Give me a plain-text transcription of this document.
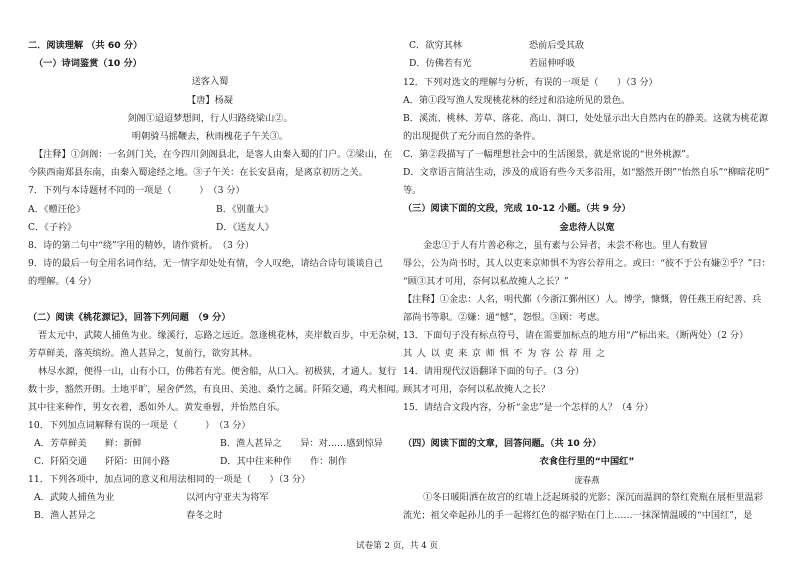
二．阅读理解 （共 60 分）
（一）诗词鉴赏（10 分）
送客入蜀
【唐】杨凝
剑阁①迢迢梦想间，行人归路绕梁山②。
明朝骑马摇鞭去，秋雨槐花子午关③。
【注释】①剑阁：一名剑门关，在今四川剑阁县北，是客人由秦入蜀的门户。②梁山，在
今陕西南郑县东南，由秦入蜀途经之地。③子午关：在长安县南，是离京初历之关。
7．下列与本诗题材不同的一项是（　　　）　（3 分）
A．《赠汪伦》	B．《别董大》
C．《子衿》	D．《送友人》
8．诗的第二句中“绕”字用的精妙，请作赏析。　（3 分）
9．诗的最后一句全用名词作结，无一情字却处处有情，令人叹绝，请结合诗句谈谈自己
的理解。（4 分）
（二）阅读《桃花源记》，回答下列问题　（9 分）
晋太元中，武陵人捕鱼为业。缘溪行，忘路之远近。忽逢桃花林，夹岸数百步，中无杂树，
芳草鲜美，落英缤纷。渔人甚异之，复前行，欲穷其林。
林尽水源，便得一山，山有小口，仿佛若有光。便舍船，从口入。初极狭，才通人。复行
数十步，豁然开朗。土地平旷，屋舍俨然，有良田、美池、桑竹之属。阡陌交通，鸡犬相闻。
其中往来种作，男女衣着，悉如外人。黄发垂髫，并怡然自乐。
10．下列加点词解释有误的一项是（　　　）　（3 分）
A．芳草鲜美　　鲜：新鲜	B．渔人甚异之　　异：对……感到惊异
C．阡陌交通　　阡陌：田间小路	D．其中往来种作　　作：制作
11．下列各项中，加点词的意义和用法相同的一项是（　　）（3 分）
A．武陵人捕鱼为业	以河内守亚夫为将军
B．渔人甚异之	春冬之时
C．欲穷其林	恐前后受其敌
D．仿佛若有光	若屈伸呼吸
12．下列对选文的理解与分析，有误的一项是（　　）（3 分）
A．第①段写渔人发现桃花林的经过和沿途所见的景色。
B．溪流、桃林、芳草、落花、高山、洞口，处处显示出大自然内在的静美。这就为桃花源
的出现提供了充分而自然的条件。
C．第②段描写了一幅理想社会中的生活图景，就是常说的“世外桃源”。
D．文章语言简洁生动，涉及的成语有些今天多沿用，如“豁然开朗”“怡然自乐”“柳暗花明”
等。
（三）阅读下面的文段，完成 10-12 小题。（共 9 分）
金忠待人以宽
金忠①于人有片善必称之，虽有素与公异者，未尝不称也。里人有数冒
辱公，公为尚书时，其人以吏来京师惧不为容公荐用之。或曰：“彼不于公有嫌②乎？”曰：
“顾③其才可用，奈何以私故掩人之长？”
【注释】①金忠：人名，明代鄞（今浙江鄞州区）人。博学，慷慨，曾任燕王府纪善、兵
部尚书等职。②嫌：通“憾”，怨恨。③顾：考虑。
13．下面句子没有标点符号，请在需要加标点的地方用“/”标出来。（断两处）（2 分）
其人以吏来京师惧不为容公荐用之
14．请用现代汉语翻译下面的句子。（3 分）
顾其才可用，奈何以私故掩人之长？
15．请结合文段内容，分析“金忠”是一个怎样的人？（4 分）
（四）阅读下面的文章，回答问题。（共 10 分）
衣食住行里的“中国红”
庞春燕
①冬日暖阳洒在故宫的红墙上泛起斑驳的光影；深沉而温润的祭红瓷瓶在展柜里温彩
流光；祖父牵起孙儿的手一起将红色的福字贴在门上……一抹深情温暖的“中国红”，是
试卷第 2 页，共 4 页
